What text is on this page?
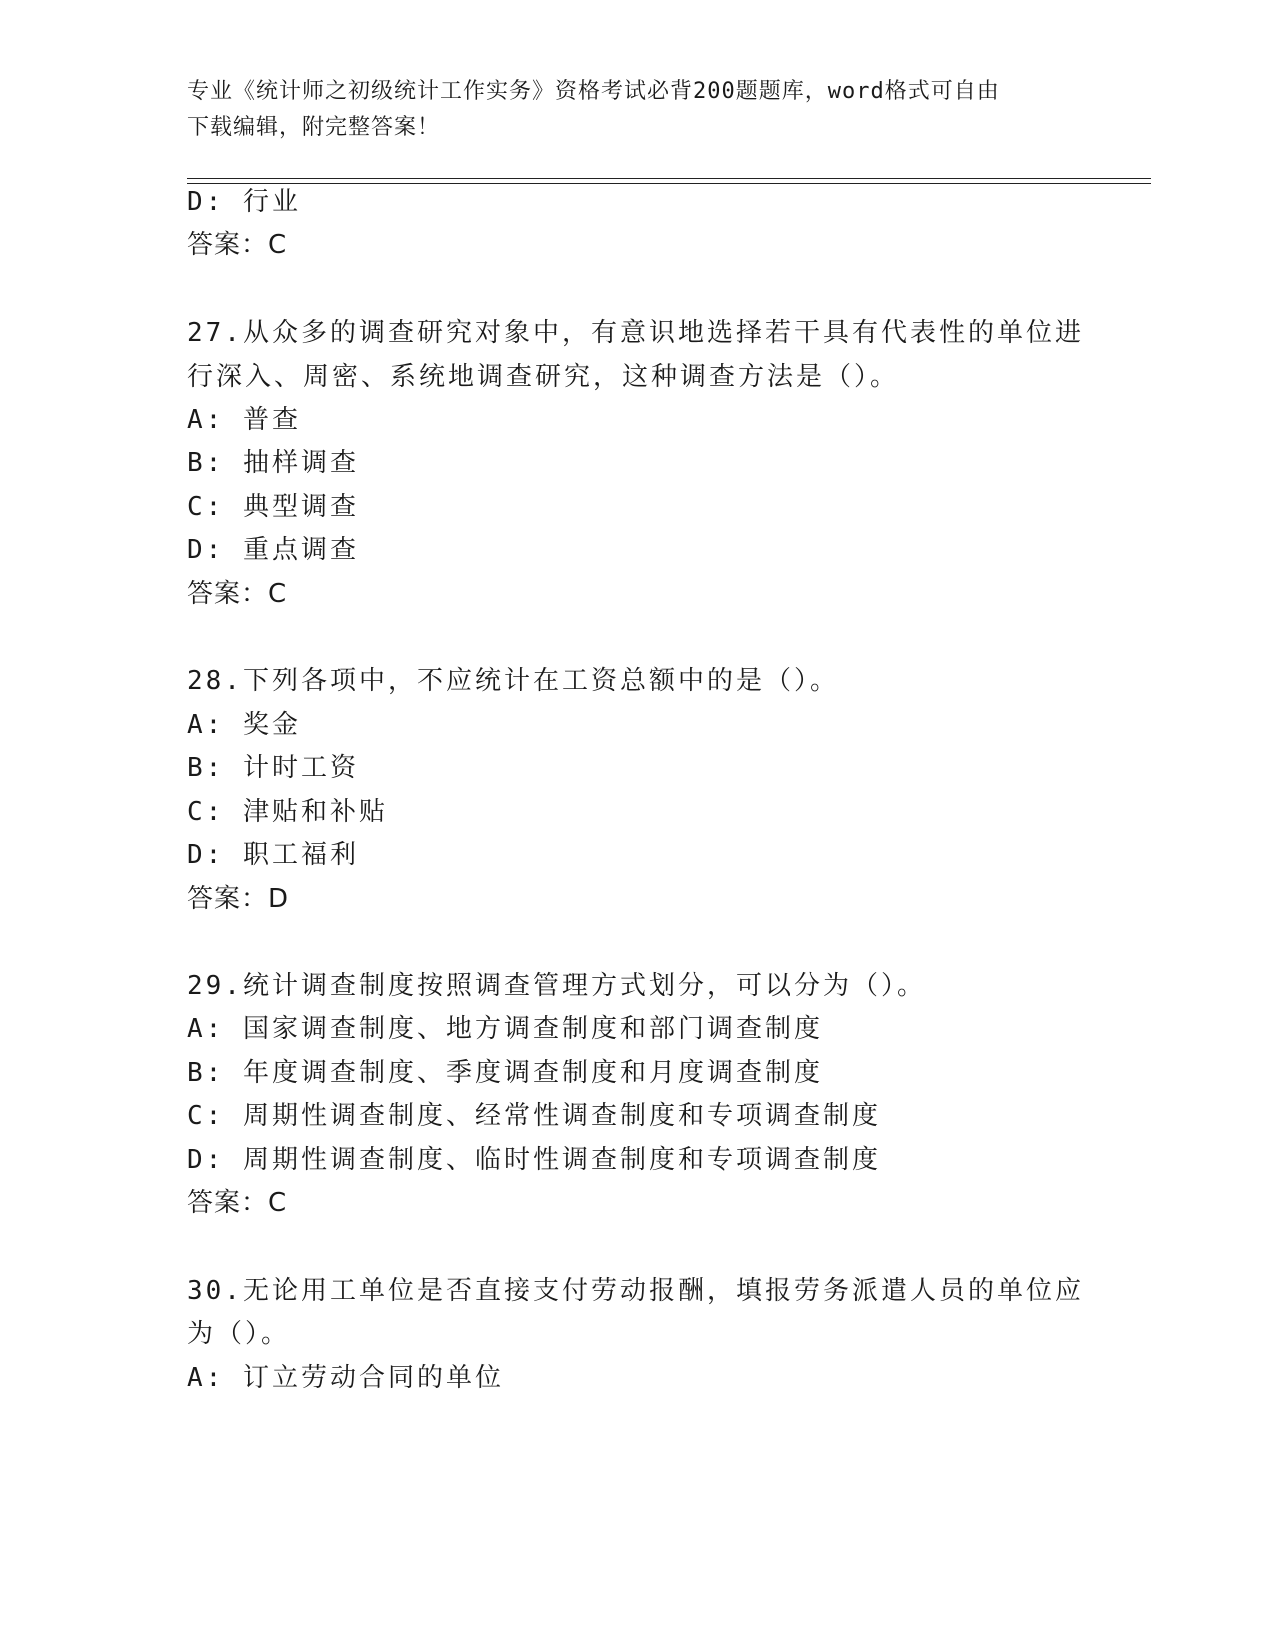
专业《统计师之初级统计工作实务》资格考试必背200题题库，word格式可自由
下载编辑，附完整答案！
D: 行业
答案：C
27.从众多的调查研究对象中，有意识地选择若干具有代表性的单位进
行深入、周密、系统地调查研究，这种调查方法是（）。
A: 普查
B: 抽样调查
C: 典型调查
D: 重点调查
答案：C
28.下列各项中，不应统计在工资总额中的是（）。
A: 奖金
B: 计时工资
C: 津贴和补贴
D: 职工福利
答案：D
29.统计调查制度按照调查管理方式划分，可以分为（）。
A: 国家调查制度、地方调查制度和部门调查制度
B: 年度调查制度、季度调查制度和月度调查制度
C: 周期性调查制度、经常性调查制度和专项调查制度
D: 周期性调查制度、临时性调查制度和专项调查制度
答案：C
30.无论用工单位是否直接支付劳动报酬，填报劳务派遣人员的单位应
为（）。
A: 订立劳动合同的单位
